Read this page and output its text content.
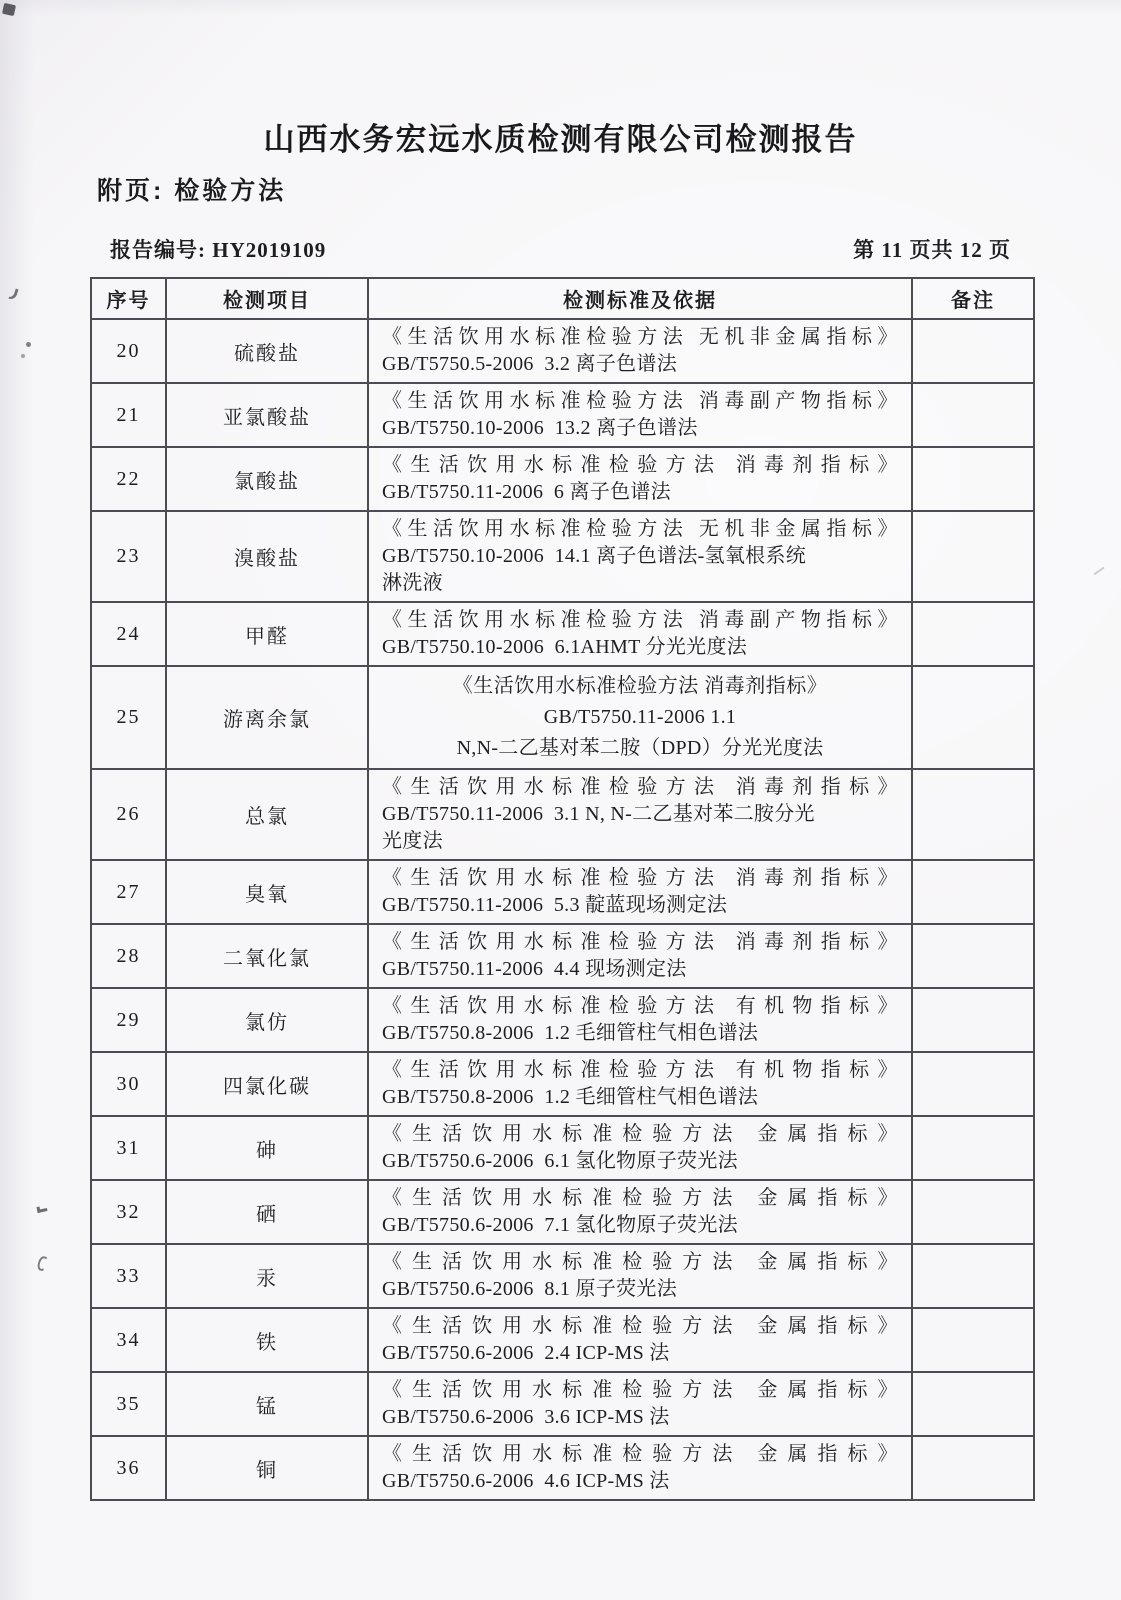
山西水务宏远水质检测有限公司检测报告
附页: 检验方法
报告编号: HY2019109	第 11 页共 12 页
序号	检测项目	检测标准及依据	备注
20	硫酸盐	《生活饮用水标准检验方法 无机非金属指标》
GB/T5750.5-2006  3.2 离子色谱法	

21	亚氯酸盐	《生活饮用水标准检验方法 消毒副产物指标》
GB/T5750.10-2006  13.2 离子色谱法	

22	氯酸盐	《生活饮用水标准检验方法 消毒剂指标》
GB/T5750.11-2006  6 离子色谱法	

23	溴酸盐	《生活饮用水标准检验方法 无机非金属指标》
GB/T5750.10-2006  14.1 离子色谱法-氢氧根系统
淋洗液	

24	甲醛	《生活饮用水标准检验方法 消毒副产物指标》
GB/T5750.10-2006  6.1AHMT 分光光度法	

25	游离余氯	《生活饮用水标准检验方法 消毒剂指标》
GB/T5750.11-2006 1.1
N,N-二乙基对苯二胺（DPD）分光光度法	

26	总氯	《生活饮用水标准检验方法 消毒剂指标》
GB/T5750.11-2006  3.1 N, N-二乙基对苯二胺分光
光度法	

27	臭氧	《生活饮用水标准检验方法 消毒剂指标》
GB/T5750.11-2006  5.3 靛蓝现场测定法	

28	二氧化氯	《生活饮用水标准检验方法 消毒剂指标》
GB/T5750.11-2006  4.4 现场测定法	

29	氯仿	《生活饮用水标准检验方法 有机物指标》
GB/T5750.8-2006  1.2 毛细管柱气相色谱法	

30	四氯化碳	《生活饮用水标准检验方法 有机物指标》
GB/T5750.8-2006  1.2 毛细管柱气相色谱法	

31	砷	《生活饮用水标准检验方法 金属指标》
GB/T5750.6-2006  6.1 氢化物原子荧光法	

32	硒	《生活饮用水标准检验方法 金属指标》
GB/T5750.6-2006  7.1 氢化物原子荧光法	

33	汞	《生活饮用水标准检验方法 金属指标》
GB/T5750.6-2006  8.1 原子荧光法	

34	铁	《生活饮用水标准检验方法 金属指标》
GB/T5750.6-2006  2.4 ICP-MS 法	

35	锰	《生活饮用水标准检验方法 金属指标》
GB/T5750.6-2006  3.6 ICP-MS 法	

36	铜	《生活饮用水标准检验方法 金属指标》
GB/T5750.6-2006  4.6 ICP-MS 法	
